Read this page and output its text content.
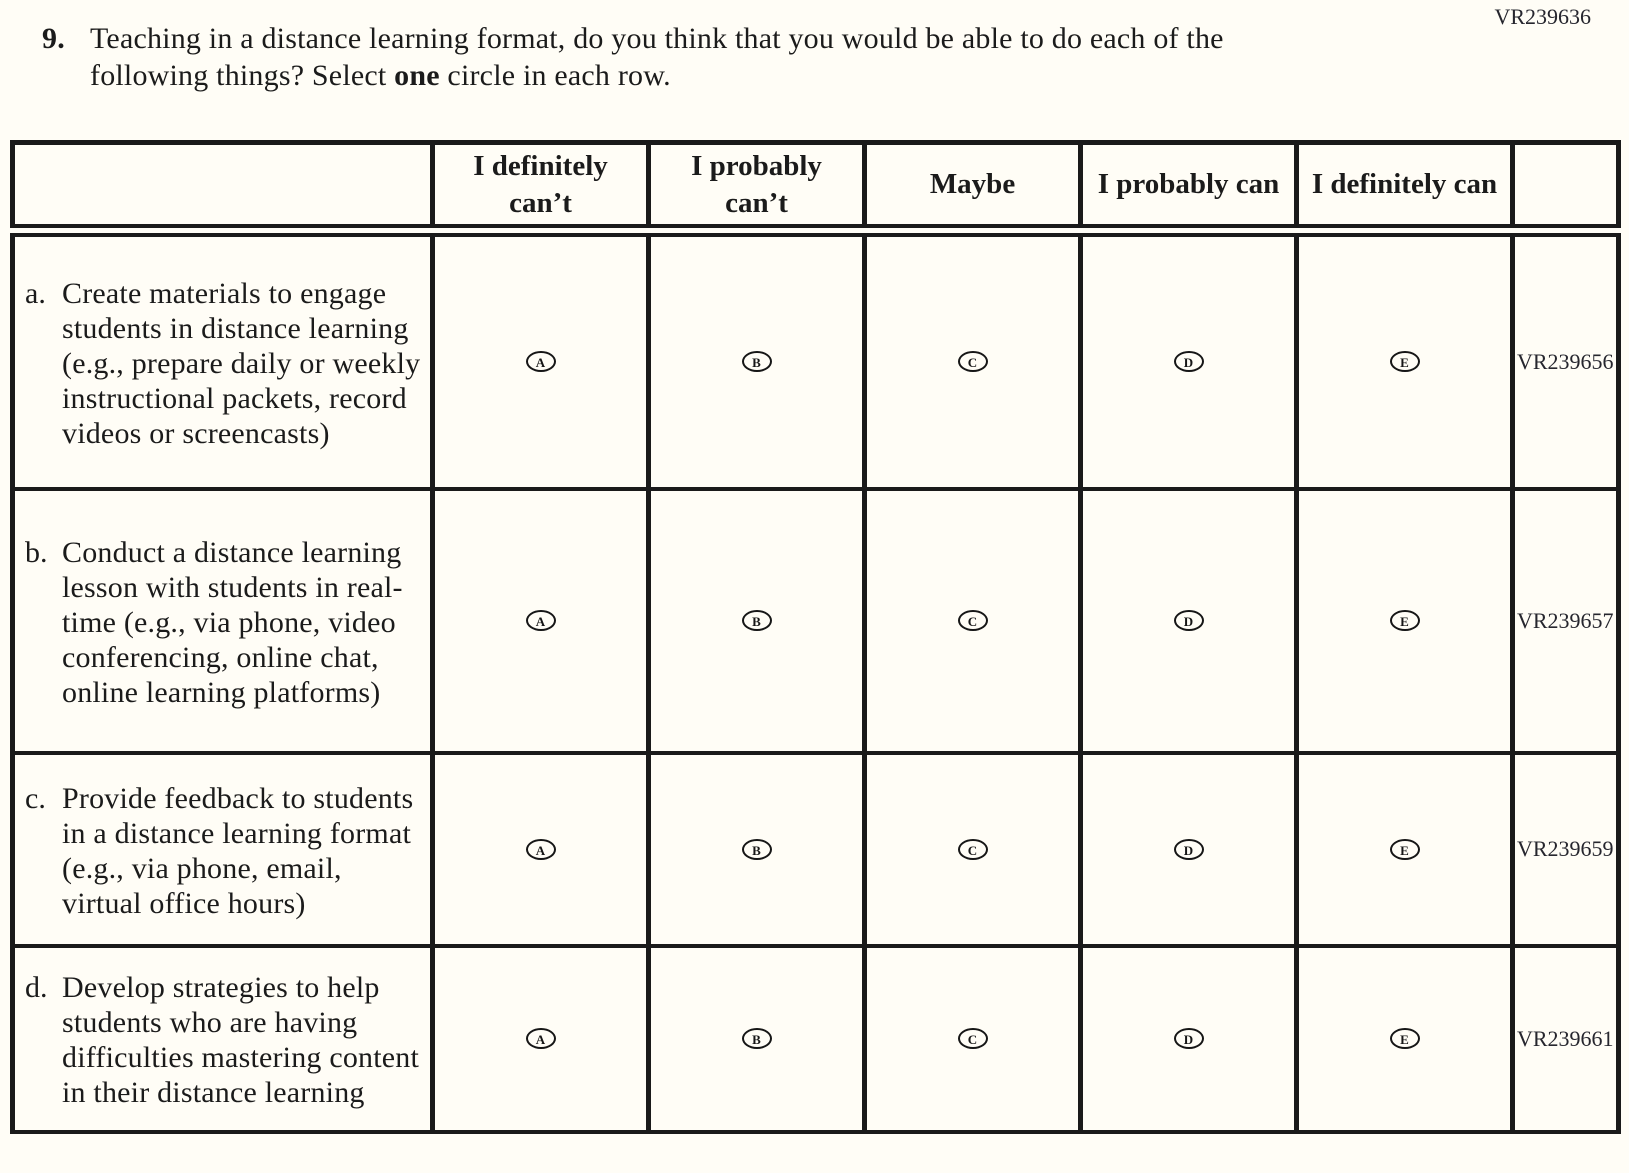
VR239636
9. Teaching in a distance learning format, do you think that you would be able to do each of the following things? Select one circle in each row.
	I definitely can’t	I probably can’t	Maybe	I probably can	I definitely can	

a. Create materials to engage students in distance learning (e.g., prepare daily or weekly instructional packets, record videos or screencasts)	A	B	C	D	E	VR239656

b. Conduct a distance learning lesson with students in real-time (e.g., via phone, video conferencing, online chat, online learning platforms)	A	B	C	D	E	VR239657

c. Provide feedback to students in a distance learning format (e.g., via phone, email, virtual office hours)	A	B	C	D	E	VR239659

d. Develop strategies to help students who are having difficulties mastering content in their distance learning	A	B	C	D	E	VR239661
